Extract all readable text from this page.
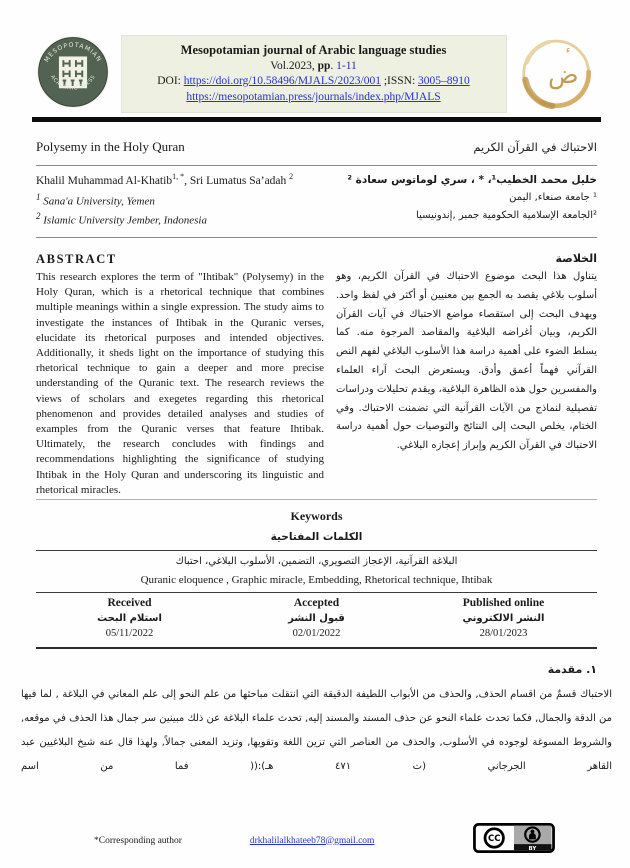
MESOPOTAMIAN
ACADEMIC PRESS
Mesopotamian journal of Arabic language studies
Vol.2023, pp. 1-11
DOI: https://doi.org/10.58496/MJALS/2023/001 ;ISSN: 3005–8910
https://mesopotamian.press/journals/index.php/MJALS
ض
ء
Polysemy in the Holy Quran	الاحتباك في القرآن الكريم
Khalil Muhammad Al-Khatib$^{1, *}$, Sri Lumatus Sa’adah $^2$
$^1$ Sana'a University, Yemen
$^2$ Islamic University Jember, Indonesia
خليل محمد الخطيب¹، * ، سري لوماتوس سعادة ²
¹ جامعة صنعاء, اليمن
²الجامعة الإسلامية الحكومية جمبر ,إندونيسيا
ABSTRACT

This research explores the term of "Ihtibak" (Polysemy) in the Holy Quran, which is a rhetorical technique that combines multiple meanings within a single expression. The study aims to investigate the instances of Ihtibak in the Quranic verses, elucidate its rhetorical purposes and intended objectives. Additionally, it sheds light on the importance of studying this rhetorical technique to gain a deeper and more precise understanding of the Quranic text. The research reviews the views of scholars and exegetes regarding this rhetorical phenomenon and provides detailed analyses and studies of examples from the Quranic verses that feature Ihtibak. Ultimately, the research concludes with findings and recommendations highlighting the significance of studying Ihtibak in the Holy Quran and underscoring its linguistic and rhetorical miracles.

الخلاصة

يتناول هذا البحث موضوع الاحتباك في القرآن الكريم، وهو أسلوب بلاغي يقصد به الجمع بين معنيين أو أكثر في لفظ واحد. ويهدف البحث إلى استقصاء مواضع الاحتباك في آيات القرآن الكريم، وبيان أغراضه البلاغية والمقاصد المرجوة منه. كما يسلط الضوء على أهمية دراسة هذا الأسلوب البلاغي لفهم النص القرآني فهماً أعمق وأدق. ويستعرض البحث آراء العلماء والمفسرين حول هذه الظاهرة البلاغية، ويقدم تحليلات ودراسات تفصيلية لنماذج من الآيات القرآنية التي تضمنت الاحتباك. وفي الختام، يخلص البحث إلى النتائج والتوصيات حول أهمية دراسة الاحتباك في القرآن الكريم وإبراز إعجازه البلاغي.

Keywords
الكلمات المفتاحية
البلاغة القرآنية، الإعجاز التصويري، التضمين، الأسلوب البلاغي، احتباك
Quranic eloquence , Graphic miracle, Embedding, Rhetorical technique, Ihtibak
Received	Accepted	Published online
استلام البحث	قبول النشر	النشر الالكتروني
05/11/2022	02/01/2022	28/01/2023
١. مقدمة

الاحتباك قسمٌ من اقسام الحذف, والحذف من الأبواب اللطيفة الدقيقة التي انتقلت مباحثها من علم النحو إلى علم المعاني في البلاغة , لما فيها من الدقة والجمال, فكما تحدث علماء النحو عن حذف المسند والمسند إليه, تحدث علماء البلاغة عن ذلك مبينين سر جمال هذا الحذف في موقعه, والشروط المسوغة لوجوده في الأسلوب, والحذف من العناصر التي تزين اللغة وتقويها, وتزيد المعنى جمالاً, ولهذا قال عنه شيخ البلاغيين عبد القاهر الجرجاني (ت ٤٧١ هـ):(( فما من اسم

*Corresponding author	drkhalilalkhateeb78@gmail.com	CC
BY
